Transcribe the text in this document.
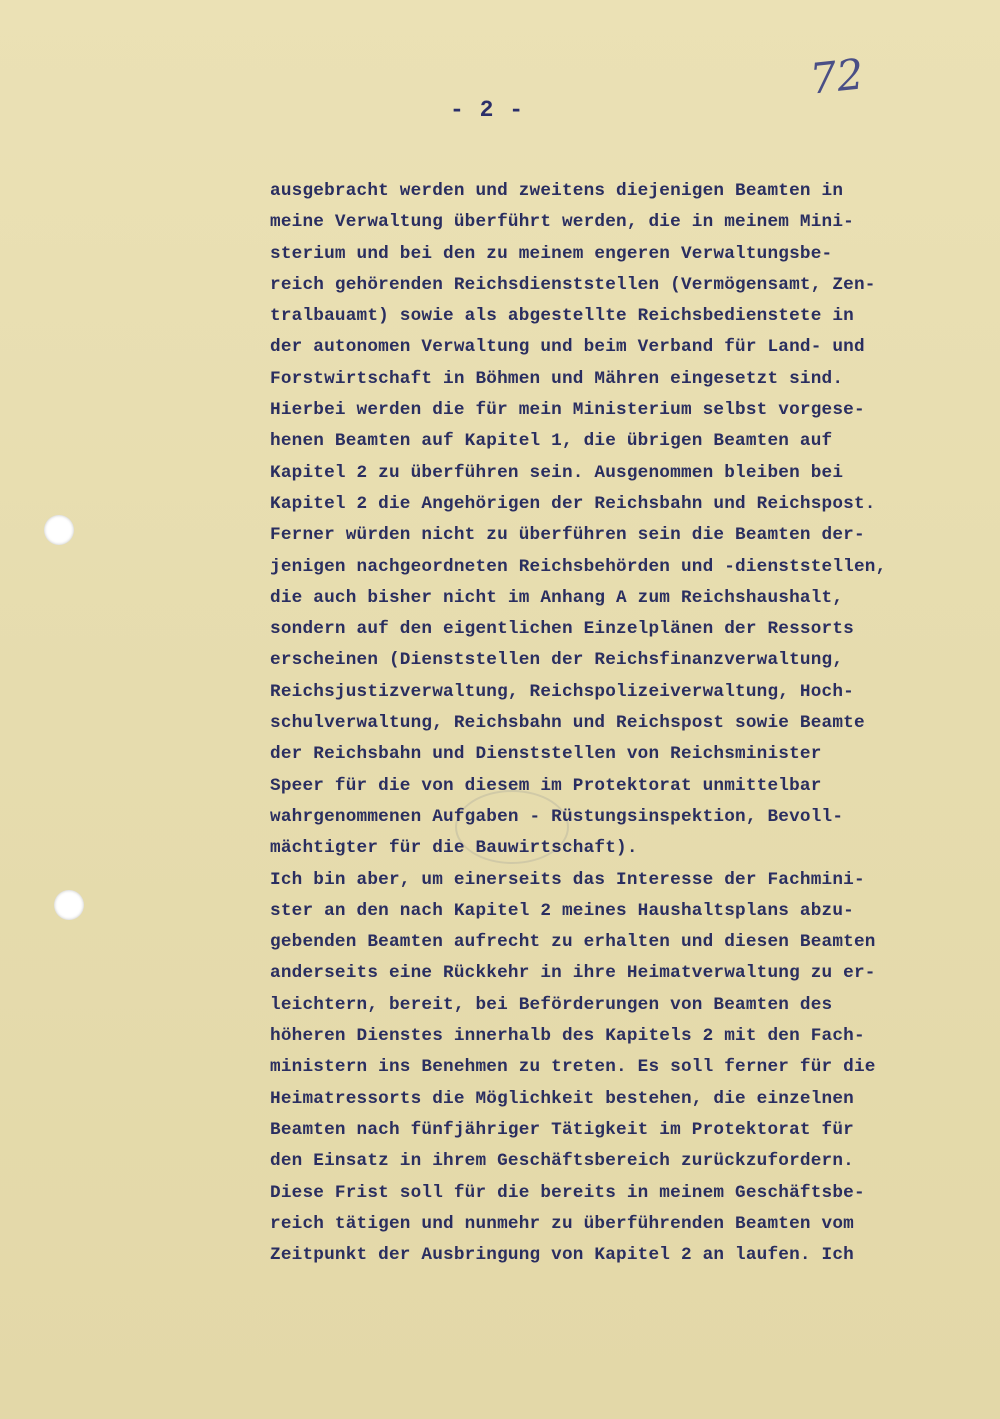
72
- 2 -
ausgebracht werden und zweitens diejenigen Beamten in
meine Verwaltung überführt werden, die in meinem Mini-
sterium und bei den zu meinem engeren Verwaltungsbe-
reich gehörenden Reichsdienststellen (Vermögensamt, Zen-
tralbauamt) sowie als abgestellte Reichsbedienstete in
der autonomen Verwaltung und beim Verband für Land- und
Forstwirtschaft in Böhmen und Mähren eingesetzt sind.
Hierbei werden die für mein Ministerium selbst vorgese-
henen Beamten auf Kapitel 1, die übrigen Beamten auf
Kapitel 2 zu überführen sein. Ausgenommen bleiben bei
Kapitel 2 die Angehörigen der Reichsbahn und Reichspost.
Ferner würden nicht zu überführen sein die Beamten der-
jenigen nachgeordneten Reichsbehörden und -dienststellen,
die auch bisher nicht im Anhang A zum Reichshaushalt,
sondern auf den eigentlichen Einzelplänen der Ressorts
erscheinen (Dienststellen der Reichsfinanzverwaltung,
Reichsjustizverwaltung, Reichspolizeiverwaltung, Hoch-
schulverwaltung, Reichsbahn und Reichspost sowie Beamte
der Reichsbahn und Dienststellen von Reichsminister
Speer für die von diesem im Protektorat unmittelbar
wahrgenommenen Aufgaben - Rüstungsinspektion, Bevoll-
mächtigter für die Bauwirtschaft).
Ich bin aber, um einerseits das Interesse der Fachmini-
ster an den nach Kapitel 2 meines Haushaltsplans abzu-
gebenden Beamten aufrecht zu erhalten und diesen Beamten
anderseits eine Rückkehr in ihre Heimatverwaltung zu er-
leichtern, bereit, bei Beförderungen von Beamten des
höheren Dienstes innerhalb des Kapitels 2 mit den Fach-
ministern ins Benehmen zu treten. Es soll ferner für die
Heimatressorts die Möglichkeit bestehen, die einzelnen
Beamten nach fünfjähriger Tätigkeit im Protektorat für
den Einsatz in ihrem Geschäftsbereich zurückzufordern.
Diese Frist soll für die bereits in meinem Geschäftsbe-
reich tätigen und nunmehr zu überführenden Beamten vom
Zeitpunkt der Ausbringung von Kapitel 2 an laufen. Ich
